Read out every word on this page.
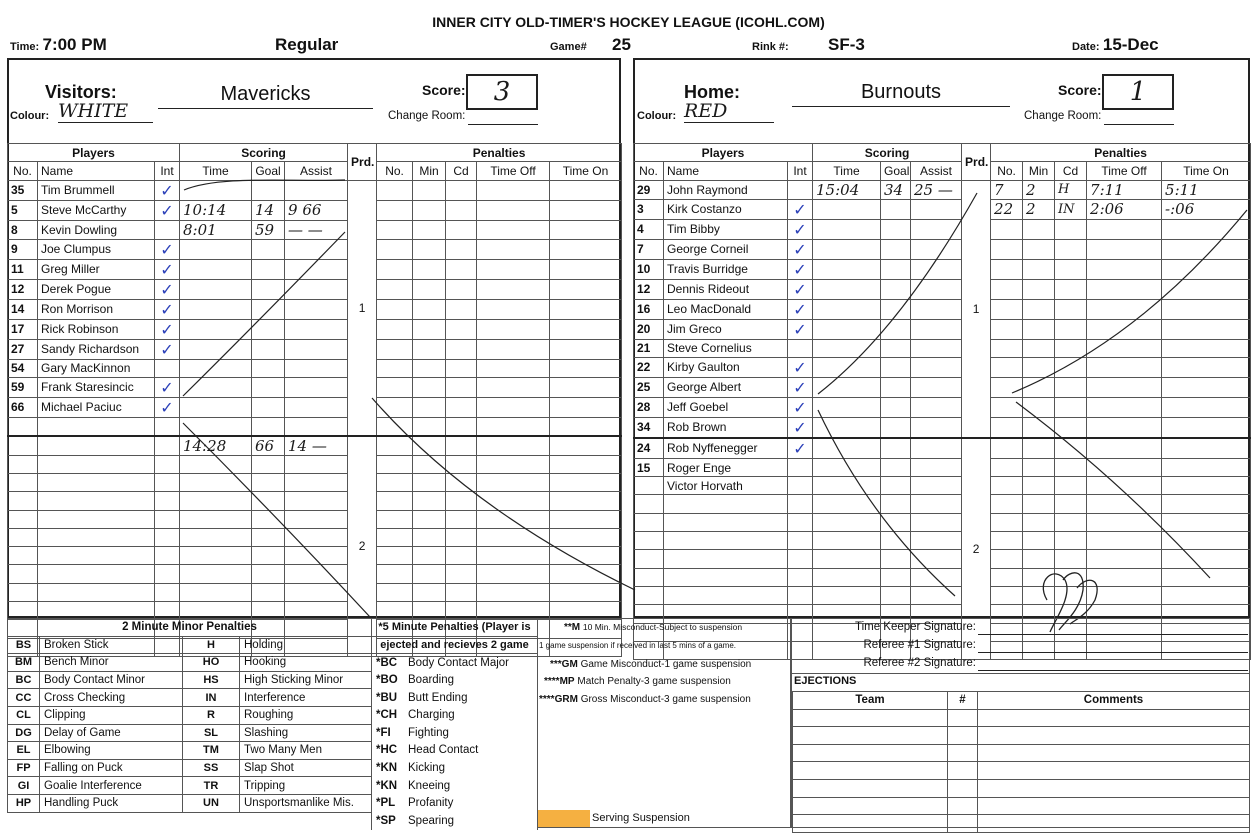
INNER CITY OLD-TIMER'S HOCKEY LEAGUE (ICOHL.COM)
Time: 7:00 PM	Regular	Game# 25	Rink #: SF-3	Date: 15-Dec
Visitors:	Mavericks	Score:	3
Colour: WHITE	Change Room:
Players			Scoring			Prd.	Penalties				
No.	Name	Int	Time	Goal	Assist		No.	Min	Cd	Time Off	Time On
35	Tim Brummell	✓				1					
5	Steve McCarthy	✓	10:14	14	9 66						
8	Kevin Dowling		8:01	59	— —						
9	Joe Clumpus	✓									
11	Greg Miller	✓									
12	Derek Pogue	✓									
14	Ron Morrison	✓									
17	Rick Robinson	✓									
27	Sandy Richardson	✓									
54	Gary MacKinnon										
59	Frank Staresincic	✓									
66	Michael Paciuc	✓									

			14:28	66	14 —	2					

Home:	Burnouts	Score:	1
Colour: RED	Change Room:
Players			Scoring			Prd.	Penalties				
No.	Name	Int	Time	Goal	Assist		No.	Min	Cd	Time Off	Time On
29	John Raymond		15:04	34	25 —	1	7	2	H	7:11	5:11
3	Kirk Costanzo	✓					22	2	IN	2:06	-:06
4	Tim Bibby	✓									
7	George Corneil	✓									
10	Travis Burridge	✓									
12	Dennis Rideout	✓									
16	Leo MacDonald	✓									
20	Jim Greco	✓									
21	Steve Cornelius										
22	Kirby Gaulton	✓									
25	George Albert	✓									
28	Jeff Goebel	✓									
34	Rob Brown	✓									
24	Rob Nyffenegger	✓				2					
15	Roger Enge										
	Victor Horvath										

2 Minute Minor Penalties			
BS	Broken Stick	H	Holding
BM	Bench Minor	HO	Hooking
BC	Body Contact Minor	HS	High Sticking Minor
CC	Cross Checking	IN	Interference
CL	Clipping	R	Roughing
DG	Delay of Game	SL	Slashing
EL	Elbowing	TM	Two Many Men
FP	Falling on Puck	SS	Slap Shot
GI	Goalie Interference	TR	Tripping
HP	Handling Puck	UN	Unsportsmanlike Mis.
*5 Minute Penalties (Player is
ejected and recieves 2 game
*BC Body Contact Major
*BO Boarding
*BU Butt Ending
*CH Charging
*FI Fighting
*HC Head Contact
*KN Kicking
*KN Kneeing
*PL Profanity
*SP Spearing
**M 10 Min. Misconduct-Subject to suspension
1 game suspension if received in last 5 mins of a game.
***GM Game Misconduct-1 game suspension
****MP Match Penalty-3 game suspension
****GRM Gross Misconduct-3 game suspension
Serving Suspension
Time Keeper Signature:
Referee #1 Signature:
Referee #2 Signature:
EJECTIONS
Team	#	Comments
